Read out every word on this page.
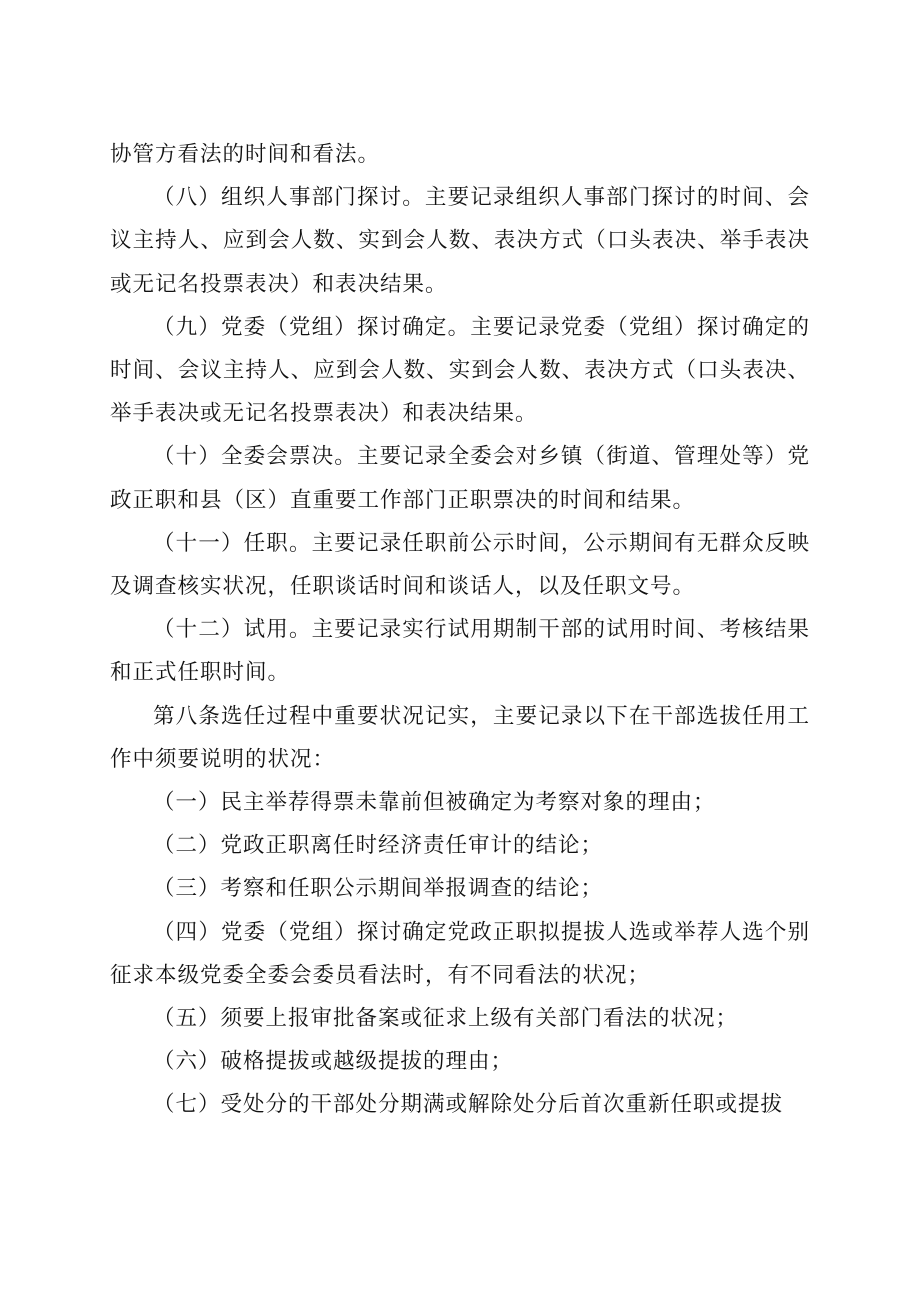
协管方看法的时间和看法。

（八）组织人事部门探讨。主要记录组织人事部门探讨的时间、会议主持人、应到会人数、实到会人数、表决方式（口头表决、举手表决或无记名投票表决）和表决结果。

（九）党委（党组）探讨确定。主要记录党委（党组）探讨确定的时间、会议主持人、应到会人数、实到会人数、表决方式（口头表决、举手表决或无记名投票表决）和表决结果。

（十）全委会票决。主要记录全委会对乡镇（街道、管理处等）党政正职和县（区）直重要工作部门正职票决的时间和结果。

（十一）任职。主要记录任职前公示时间，公示期间有无群众反映及调查核实状况，任职谈话时间和谈话人，以及任职文号。

（十二）试用。主要记录实行试用期制干部的试用时间、考核结果和正式任职时间。

第八条选任过程中重要状况记实，主要记录以下在干部选拔任用工作中须要说明的状况：

（一）民主举荐得票未靠前但被确定为考察对象的理由；

（二）党政正职离任时经济责任审计的结论；

（三）考察和任职公示期间举报调查的结论；

（四）党委（党组）探讨确定党政正职拟提拔人选或举荐人选个别征求本级党委全委会委员看法时，有不同看法的状况；

（五）须要上报审批备案或征求上级有关部门看法的状况；

（六）破格提拔或越级提拔的理由；

（七）受处分的干部处分期满或解除处分后首次重新任职或提拔
